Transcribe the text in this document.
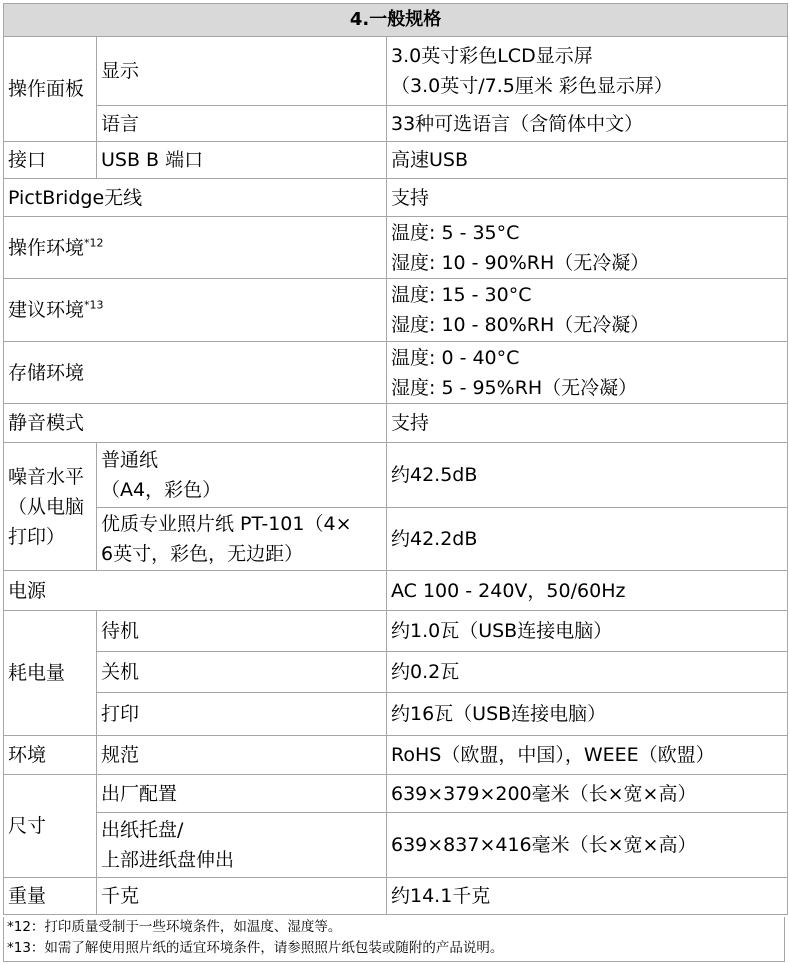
4.一般规格		
操作面板	显示	3.0英寸彩色LCD显示屏
（3.0英寸/7.5厘米 彩色显示屏）

	语言	33种可选语言（含简体中文）
接口	USB B 端口	高速USB
PictBridge无线		支持
操作环境$^{*12}$		温度: 5 - 35°C
湿度: 10 - 90%RH（无冷凝）

建议环境$^{*13}$		温度: 15 - 30°C
湿度: 10 - 80%RH（无冷凝）

存储环境		温度: 0 - 40°C
湿度: 5 - 95%RH（无冷凝）

静音模式		支持

噪音水平
（从电脑
打印）	普通纸
（A4，彩色）	约42.5dB

	优质专业照片纸 PT-101（4×
6英寸，彩色，无边距）	约42.2dB
电源		AC 100 - 240V，50/60Hz
耗电量	待机	约1.0瓦（USB连接电脑）
	关机	约0.2瓦
	打印	约16瓦（USB连接电脑）
环境	规范	RoHS（欧盟，中国），WEEE（欧盟）
尺寸	出厂配置	639×379×200毫米（长×宽×高）

	出纸托盘/
上部进纸盘伸出	639×837×416毫米（长×宽×高）
重量	千克	约14.1千克
*12：打印质量受制于一些环境条件，如温度、湿度等。
*13：如需了解使用照片纸的适宜环境条件，请参照照片纸包装或随附的产品说明。
